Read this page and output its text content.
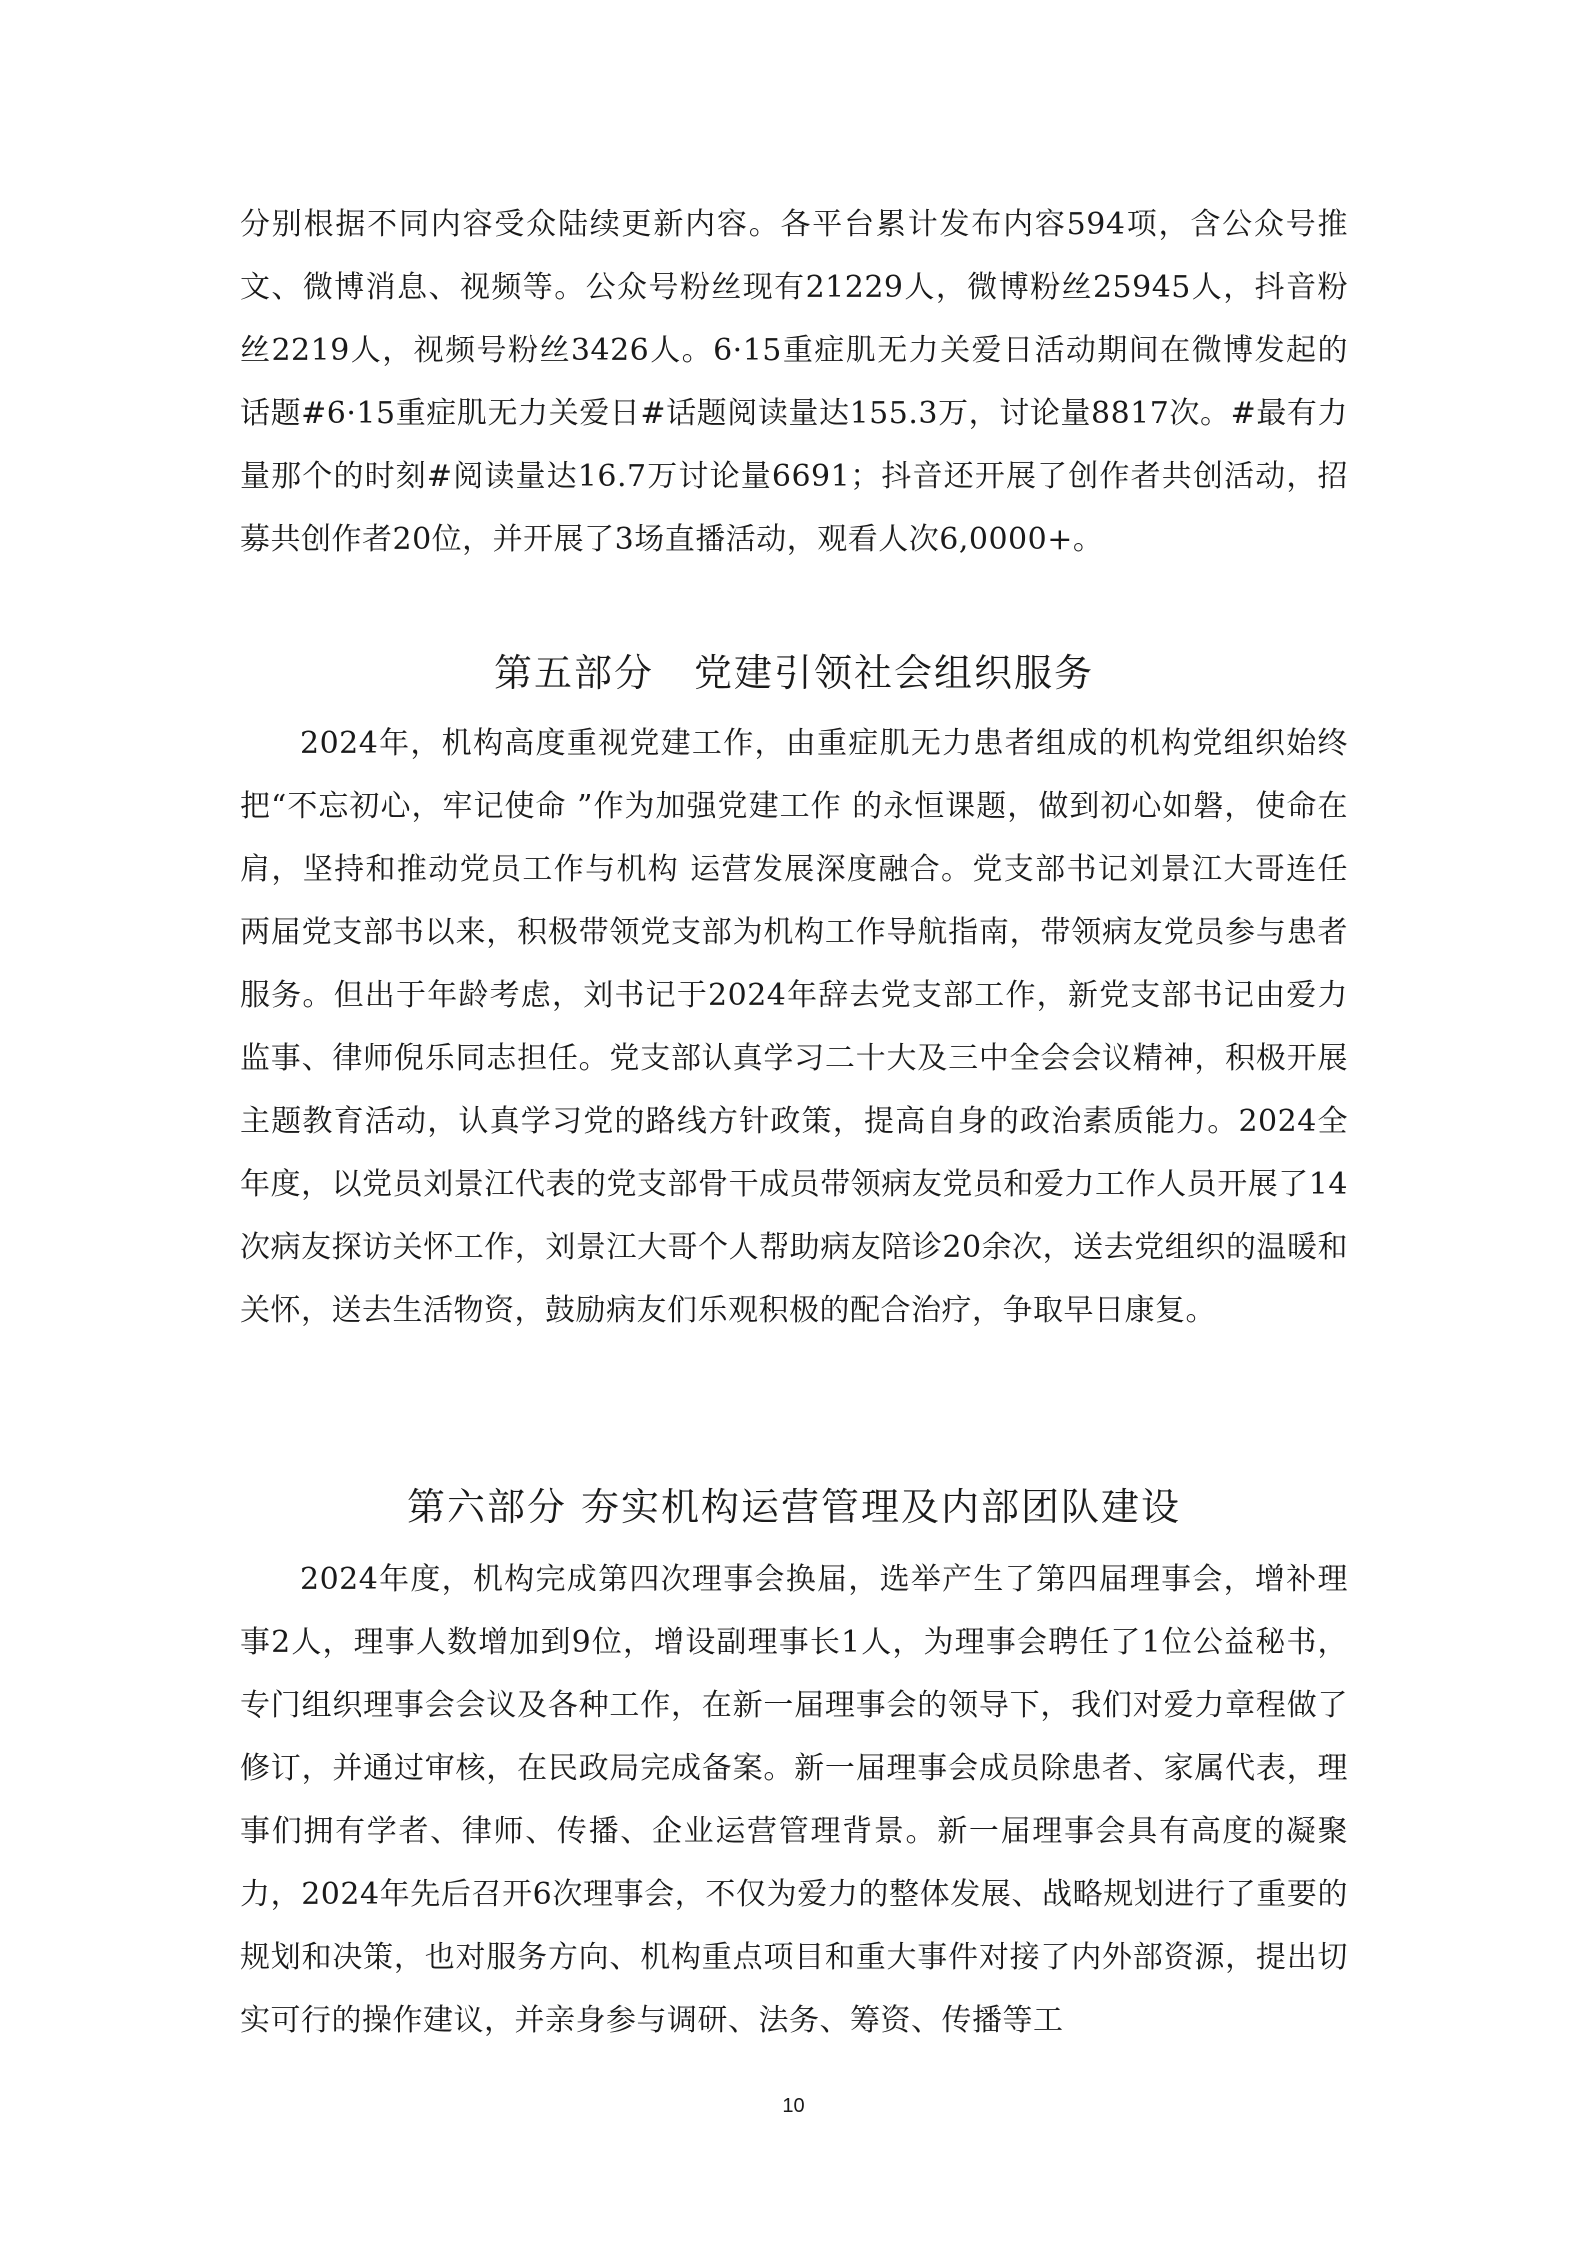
分别根据不同内容受众陆续更新内容。各平台累计发布内容594项，含公众号推文、微博消息、视频等。公众号粉丝现有21229人，微博粉丝25945人，抖音粉丝2219人，视频号粉丝3426人。6·15重症肌无力关爱日活动期间在微博发起的话题#6·15重症肌无力关爱日#话题阅读量达155.3万，讨论量8817次。#最有力量那个的时刻#阅读量达16.7万讨论量6691；抖音还开展了创作者共创活动，招募共创作者20位，并开展了3场直播活动，观看人次6,0000+。

第五部分　党建引领社会组织服务

2024年，机构高度重视党建工作，由重症肌无力患者组成的机构党组织始终把“不忘初心，牢记使命 ”作为加强党建工作 的永恒课题，做到初心如磐，使命在肩，坚持和推动党员工作与机构 运营发展深度融合。党支部书记刘景江大哥连任两届党支部书以来，积极带领党支部为机构工作导航指南，带领病友党员参与患者服务。但出于年龄考虑，刘书记于2024年辞去党支部工作，新党支部书记由爱力监事、律师倪乐同志担任。党支部认真学习二十大及三中全会会议精神，积极开展主题教育活动，认真学习党的路线方针政策，提高自身的政治素质能力。2024全年度，以党员刘景江代表的党支部骨干成员带领病友党员和爱力工作人员开展了14次病友探访关怀工作，刘景江大哥个人帮助病友陪诊20余次，送去党组织的温暖和关怀，送去生活物资，鼓励病友们乐观积极的配合治疗，争取早日康复。

第六部分 夯实机构运营管理及内部团队建设

2024年度，机构完成第四次理事会换届，选举产生了第四届理事会，增补理事2人，理事人数增加到9位，增设副理事长1人，为理事会聘任了1位公益秘书，专门组织理事会会议及各种工作，在新一届理事会的领导下，我们对爱力章程做了修订，并通过审核，在民政局完成备案。新一届理事会成员除患者、家属代表，理事们拥有学者、律师、传播、企业运营管理背景。新一届理事会具有高度的凝聚力，2024年先后召开6次理事会，不仅为爱力的整体发展、战略规划进行了重要的规划和决策，也对服务方向、机构重点项目和重大事件对接了内外部资源，提出切实可行的操作建议，并亲身参与调研、法务、筹资、传播等工

10
